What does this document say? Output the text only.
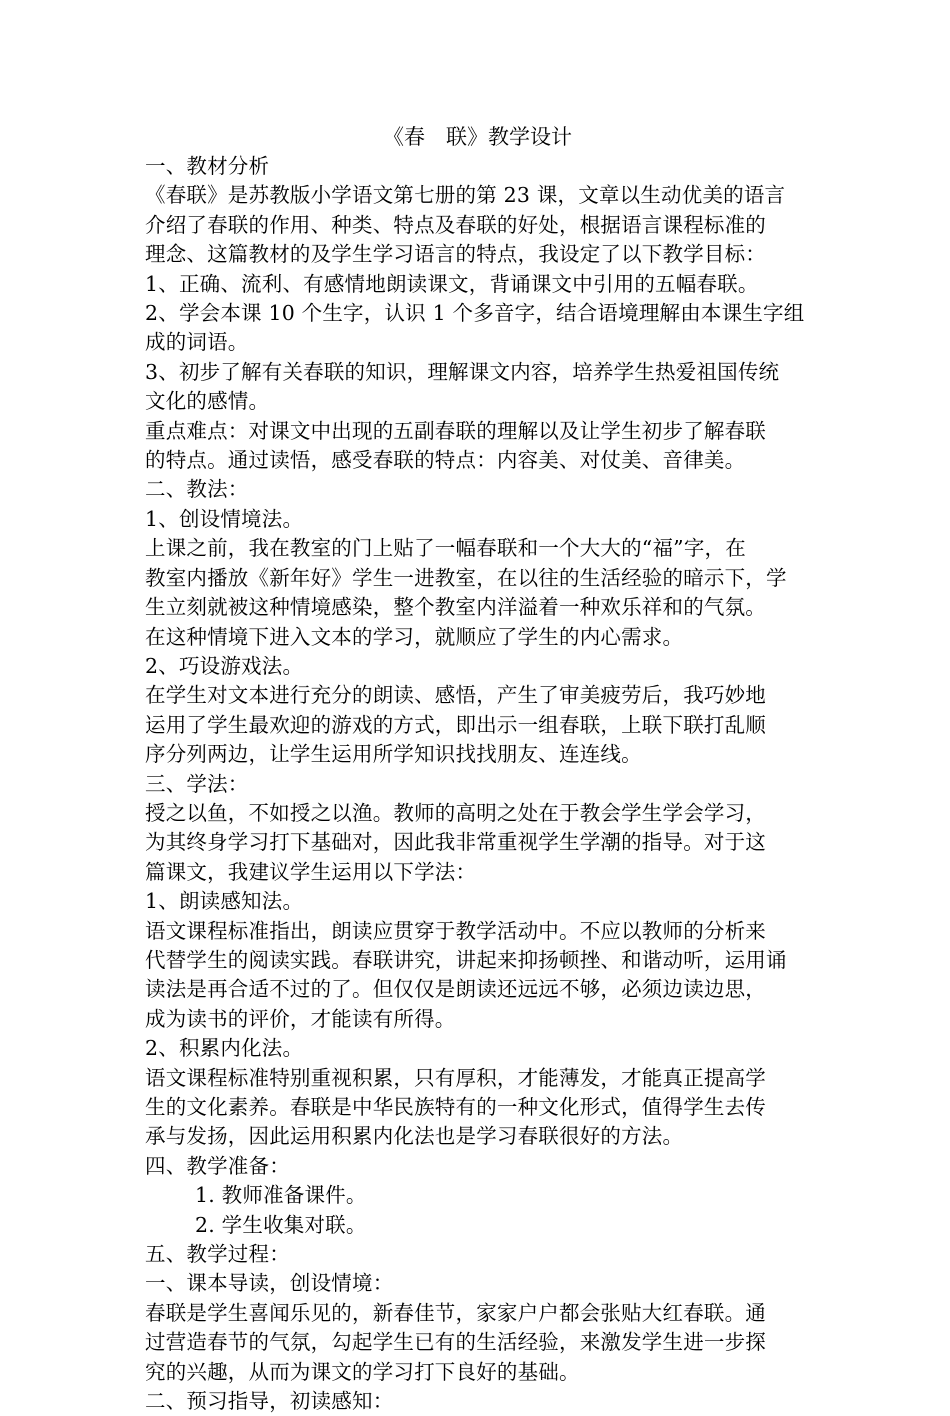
《春　联》教学设计

一、教材分析

《春联》是苏教版小学语文第七册的第 23 课，文章以生动优美的语言

介绍了春联的作用、种类、特点及春联的好处，根据语言课程标准的

理念、这篇教材的及学生学习语言的特点，我设定了以下教学目标：

1、正确、流利、有感情地朗读课文，背诵课文中引用的五幅春联。

2、学会本课 10 个生字，认识 1 个多音字，结合语境理解由本课生字组

成的词语。

3、初步了解有关春联的知识，理解课文内容，培养学生热爱祖国传统

文化的感情。

重点难点：对课文中出现的五副春联的理解以及让学生初步了解春联

的特点。通过读悟，感受春联的特点：内容美、对仗美、音律美。

二、教法：

1、创设情境法。

上课之前，我在教室的门上贴了一幅春联和一个大大的“福”字，在

教室内播放《新年好》学生一进教室，在以往的生活经验的暗示下，学

生立刻就被这种情境感染，整个教室内洋溢着一种欢乐祥和的气氛。

在这种情境下进入文本的学习，就顺应了学生的内心需求。

2、巧设游戏法。

在学生对文本进行充分的朗读、感悟，产生了审美疲劳后，我巧妙地

运用了学生最欢迎的游戏的方式，即出示一组春联，上联下联打乱顺

序分列两边，让学生运用所学知识找找朋友、连连线。

三、学法：

授之以鱼，不如授之以渔。教师的高明之处在于教会学生学会学习，

为其终身学习打下基础对，因此我非常重视学生学潮的指导。对于这

篇课文，我建议学生运用以下学法：

1、朗读感知法。

语文课程标准指出，朗读应贯穿于教学活动中。不应以教师的分析来

代替学生的阅读实践。春联讲究，讲起来抑扬顿挫、和谐动听，运用诵

读法是再合适不过的了。但仅仅是朗读还远远不够，必须边读边思，

成为读书的评价，才能读有所得。

2、积累内化法。

语文课程标准特别重视积累，只有厚积，才能薄发，才能真正提高学

生的文化素养。春联是中华民族特有的一种文化形式，值得学生去传

承与发扬，因此运用积累内化法也是学习春联很好的方法。

四、教学准备：

1. 教师准备课件。

2. 学生收集对联。

五、教学过程：

一、课本导读，创设情境：

春联是学生喜闻乐见的，新春佳节，家家户户都会张贴大红春联。通

过营造春节的气氛，勾起学生已有的生活经验，来激发学生进一步探

究的兴趣，从而为课文的学习打下良好的基础。

二、预习指导，初读感知：
